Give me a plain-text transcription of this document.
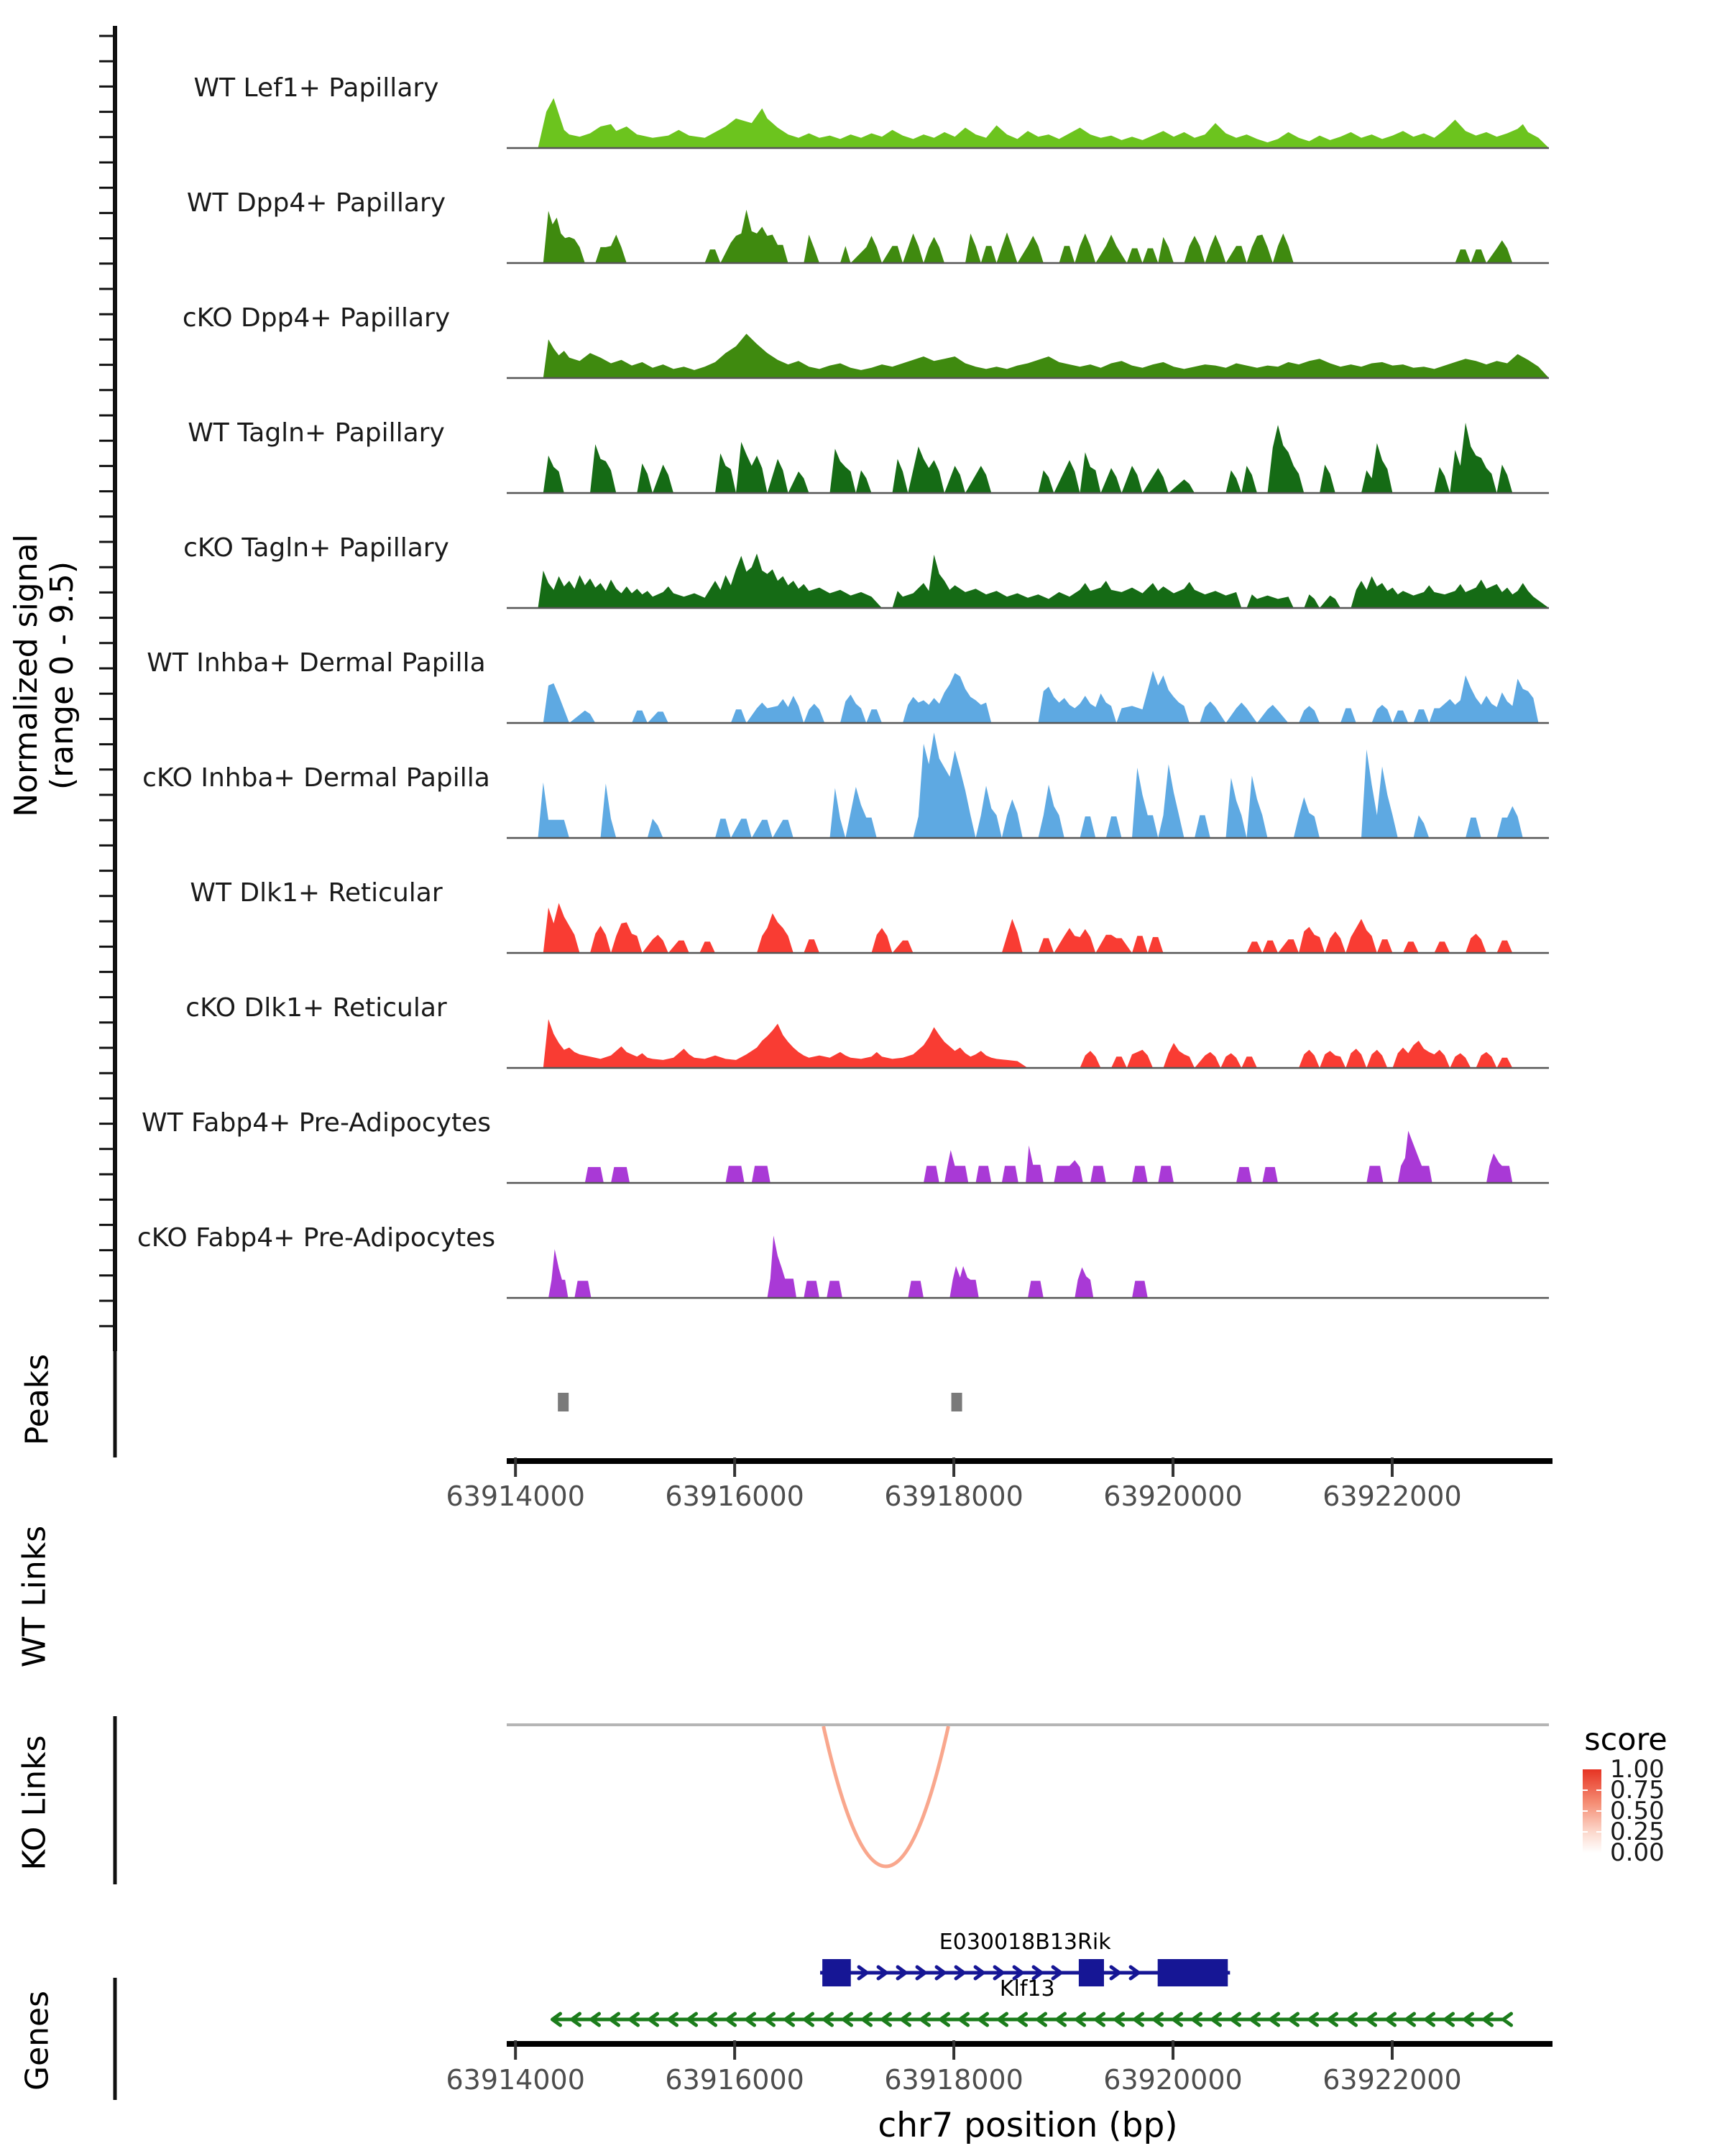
Normalized signal (range 0 - 9.5)
Peaks
WT Links
KO Links
Genes
chr7 position (bp)
score
WT Lef1+ Papillary
WT Dpp4+ Papillary
cKO Dpp4+ Papillary
WT Tagln+ Papillary
cKO Tagln+ Papillary
WT Inhba+ Dermal Papilla
cKO Inhba+ Dermal Papilla
WT Dlk1+ Reticular
cKO Dlk1+ Reticular
WT Fabp4+ Pre-Adipocytes
cKO Fabp4+ Pre-Adipocytes
63914000	63916000	63918000	63920000	63922000
63914000	63916000	63918000	63920000	63922000
1.00
0.75
0.50
0.25
0.00
E030018B13Rik
Klf13
